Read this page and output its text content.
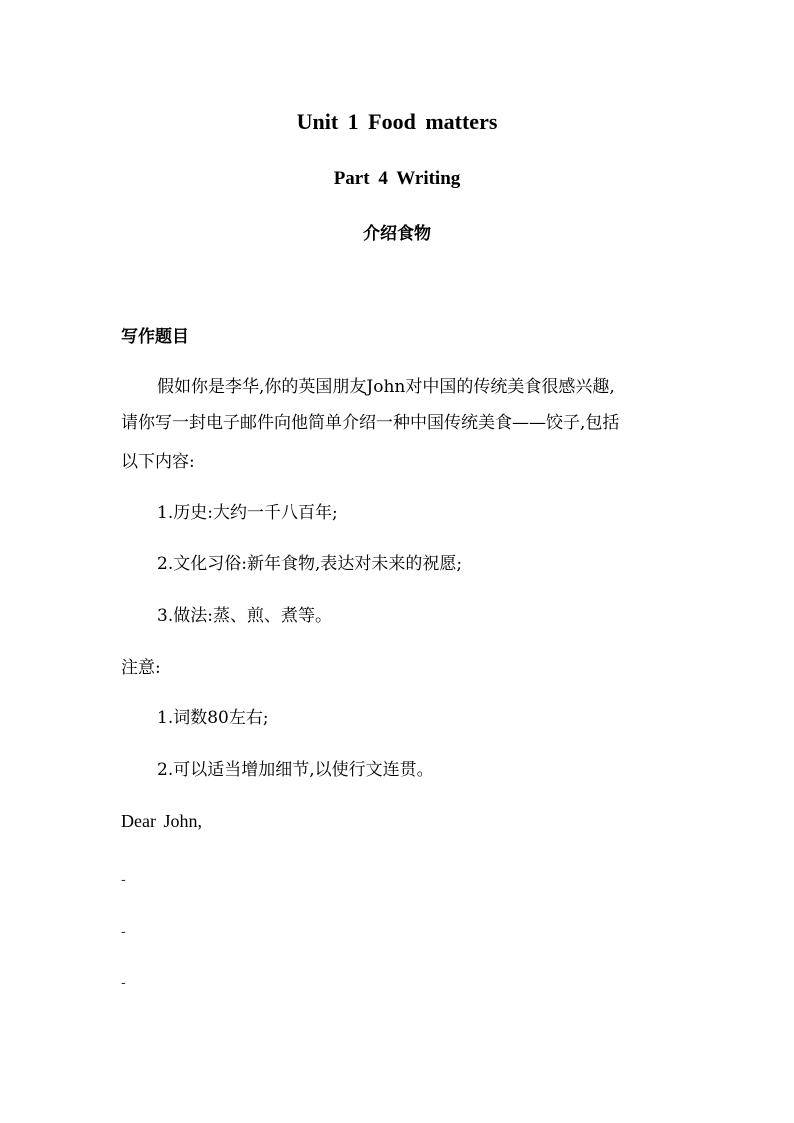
Unit 1 Food matters
Part 4 Writing
介绍食物
写作题目
假如你是李华,你的英国朋友John对中国的传统美食很感兴趣,
请你写一封电子邮件向他简单介绍一种中国传统美食——饺子,包括
以下内容:
1.历史:大约一千八百年;
2.文化习俗:新年食物,表达对未来的祝愿;
3.做法:蒸、煎、煮等。
注意:
1.词数80左右;
2.可以适当增加细节,以使行文连贯。
Dear John,
-
-
-
